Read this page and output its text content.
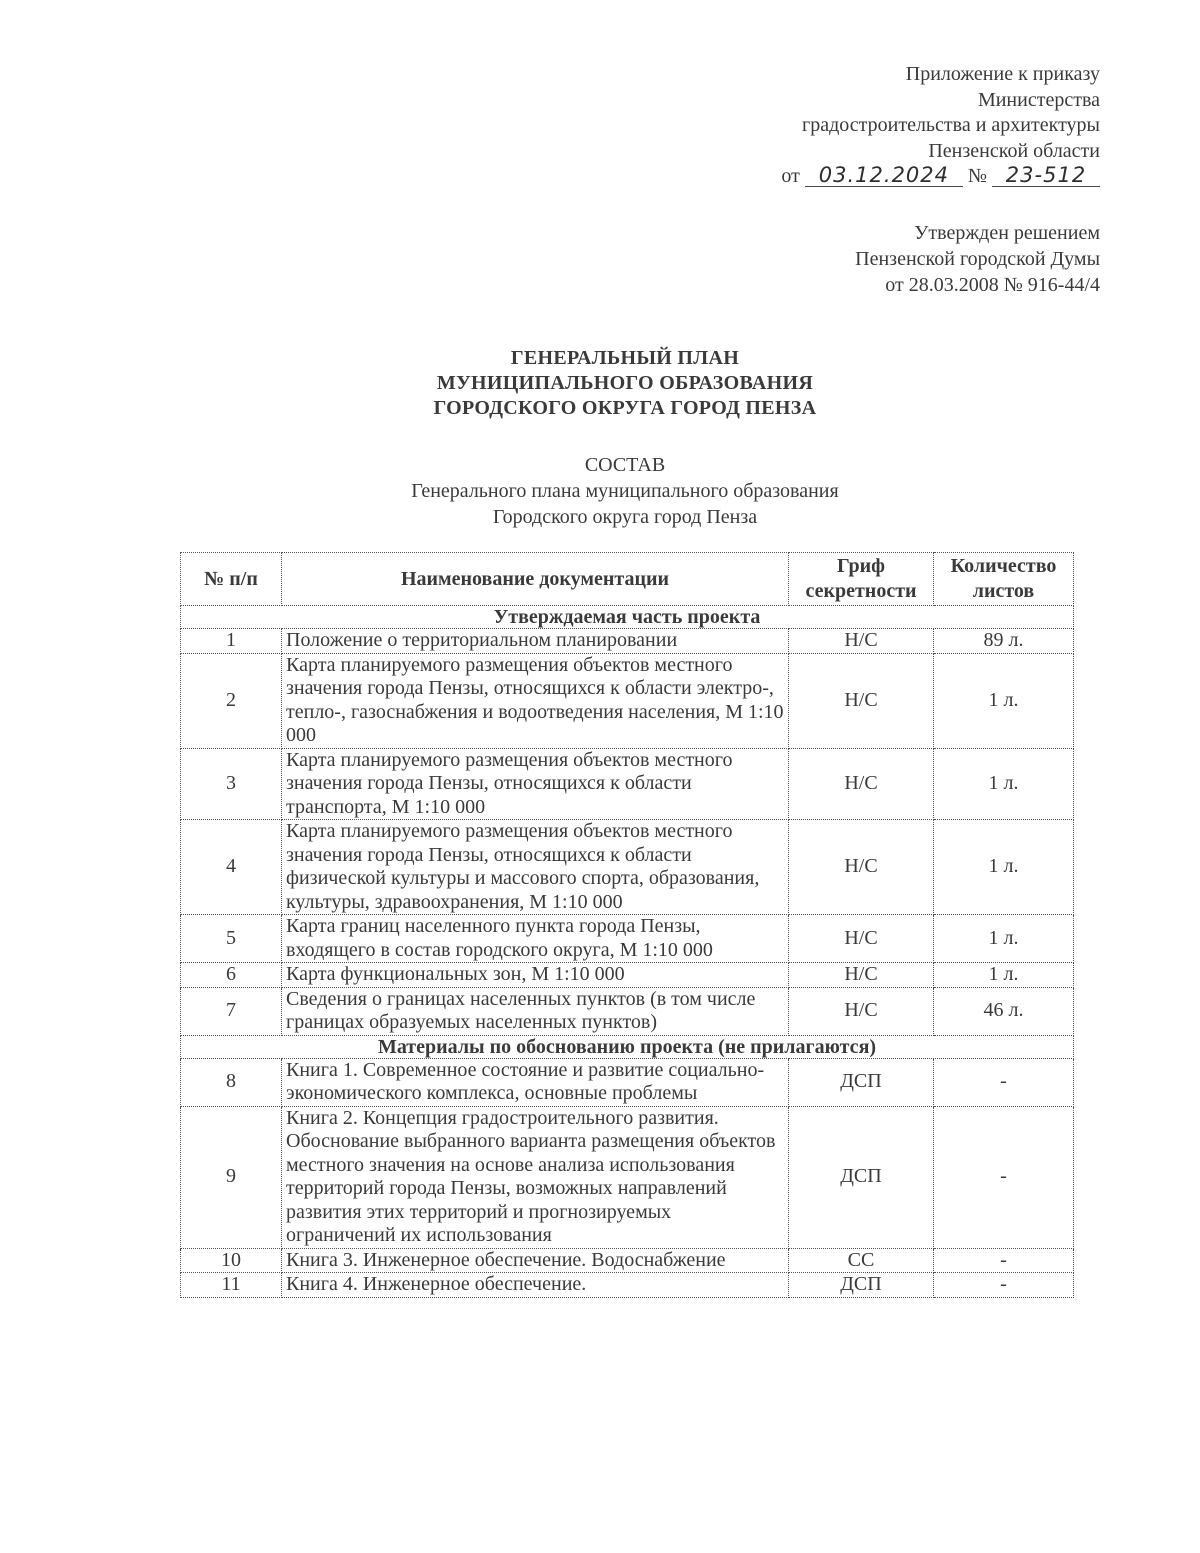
Приложение к приказу
Министерства
градостроительства и архитектуры
Пензенской области
от 03.12.2024 № 23-512
Утвержден решением
Пензенской городской Думы
от 28.03.2008 № 916-44/4
ГЕНЕРАЛЬНЫЙ ПЛАН
МУНИЦИПАЛЬНОГО ОБРАЗОВАНИЯ
ГОРОДСКОГО ОКРУГА ГОРОД ПЕНЗА
СОСТАВ
Генерального плана муниципального образования
Городского округа город Пенза
№ п/п	Наименование документации	Гриф секретности	Количество листов
Утверждаемая часть проекта			
1	Положение о территориальном планировании	Н/С	89 л.
2	Карта планируемого размещения объектов местного значения города Пензы, относящихся к области электро-, тепло-, газоснабжения и водоотведения населения, М 1:10 000	Н/С	1 л.
3	Карта планируемого размещения объектов местного значения города Пензы, относящихся к области транспорта, М 1:10 000	Н/С	1 л.
4	Карта планируемого размещения объектов местного значения города Пензы, относящихся к области физической культуры и массового спорта, образования, культуры, здравоохранения, М 1:10 000	Н/С	1 л.
5	Карта границ населенного пункта города Пензы, входящего в состав городского округа, М 1:10 000	Н/С	1 л.
6	Карта функциональных зон, М 1:10 000	Н/С	1 л.
7	Сведения о границах населенных пунктов (в том числе границах образуемых населенных пунктов)	Н/С	46 л.
Материалы по обоснованию проекта (не прилагаются)			
8	Книга 1. Современное состояние и развитие социально-экономического комплекса, основные проблемы	ДСП	-
9	Книга 2. Концепция градостроительного развития. Обоснование выбранного варианта размещения объектов местного значения на основе анализа использования территорий города Пензы, возможных направлений развития этих территорий и прогнозируемых ограничений их использования	ДСП	-
10	Книга 3. Инженерное обеспечение. Водоснабжение	СС	-
11	Книга 4. Инженерное обеспечение.	ДСП	-
